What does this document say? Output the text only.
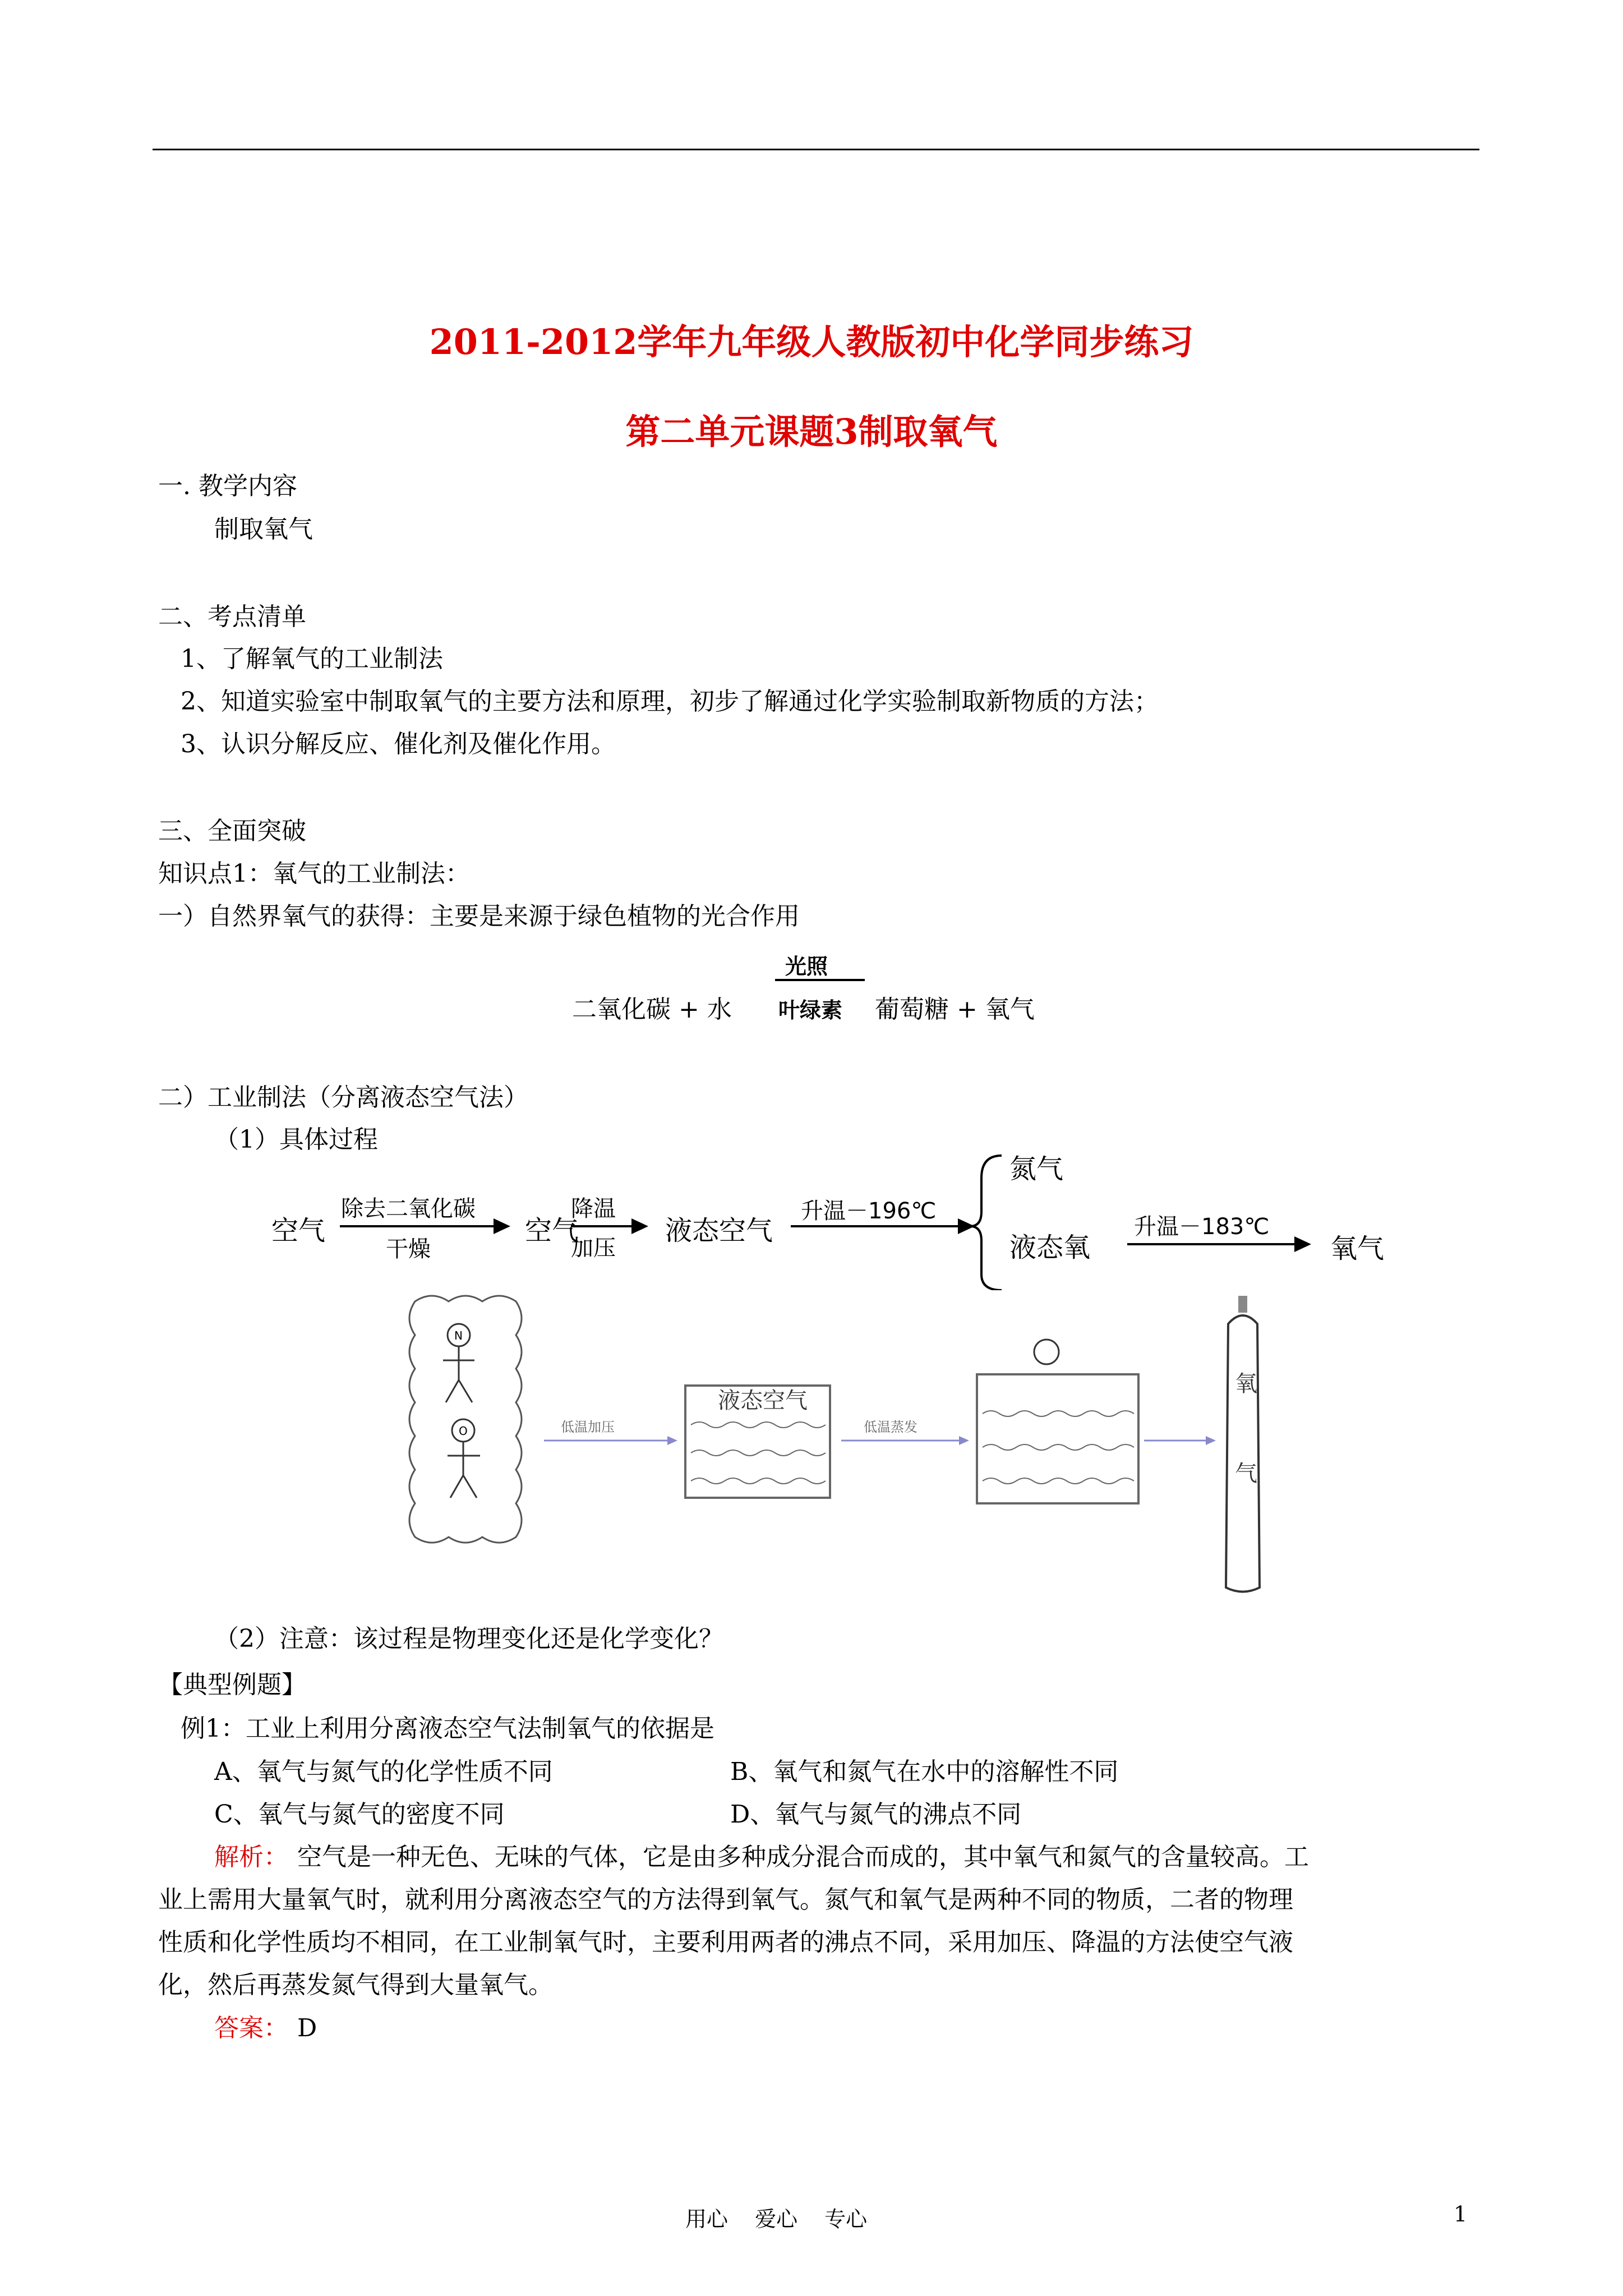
2011-2012学年九年级人教版初中化学同步练习
第二单元课题3制取氧气
一. 教学内容
制取氧气
二、考点清单
1、了解氧气的工业制法
2、知道实验室中制取氧气的主要方法和原理，初步了解通过化学实验制取新物质的方法；
3、认识分解反应、催化剂及催化作用。
三、全面突破
知识点1：氧气的工业制法：
一）自然界氧气的获得：主要是来源于绿色植物的光合作用
二氧化碳 + 水
光照
叶绿素 葡萄糖 + 氧气
二）工业制法（分离液态空气法）
（1）具体过程
空气
除去二氧化碳
干燥
空气
降温
加压
液态空气
升温－196℃
氮气
液态氧
升温－183℃
氧气
N
O	低温加压
液态空气
低温蒸发
氧
气
（2）注意：该过程是物理变化还是化学变化？
【典型例题】
例1：工业上利用分离液态空气法制氧气的依据是
A、氧气与氮气的化学性质不同	B、氧气和氮气在水中的溶解性不同
C、氧气与氮气的密度不同	D、氧气与氮气的沸点不同
解析： 空气是一种无色、无味的气体，它是由多种成分混合而成的，其中氧气和氮气的含量较高。工
业上需用大量氧气时，就利用分离液态空气的方法得到氧气。氮气和氧气是两种不同的物质，二者的物理
性质和化学性质均不相同，在工业制氧气时，主要利用两者的沸点不同，采用加压、降温的方法使空气液
化，然后再蒸发氮气得到大量氧气。
答案： D
用心 爱心 专心	1
